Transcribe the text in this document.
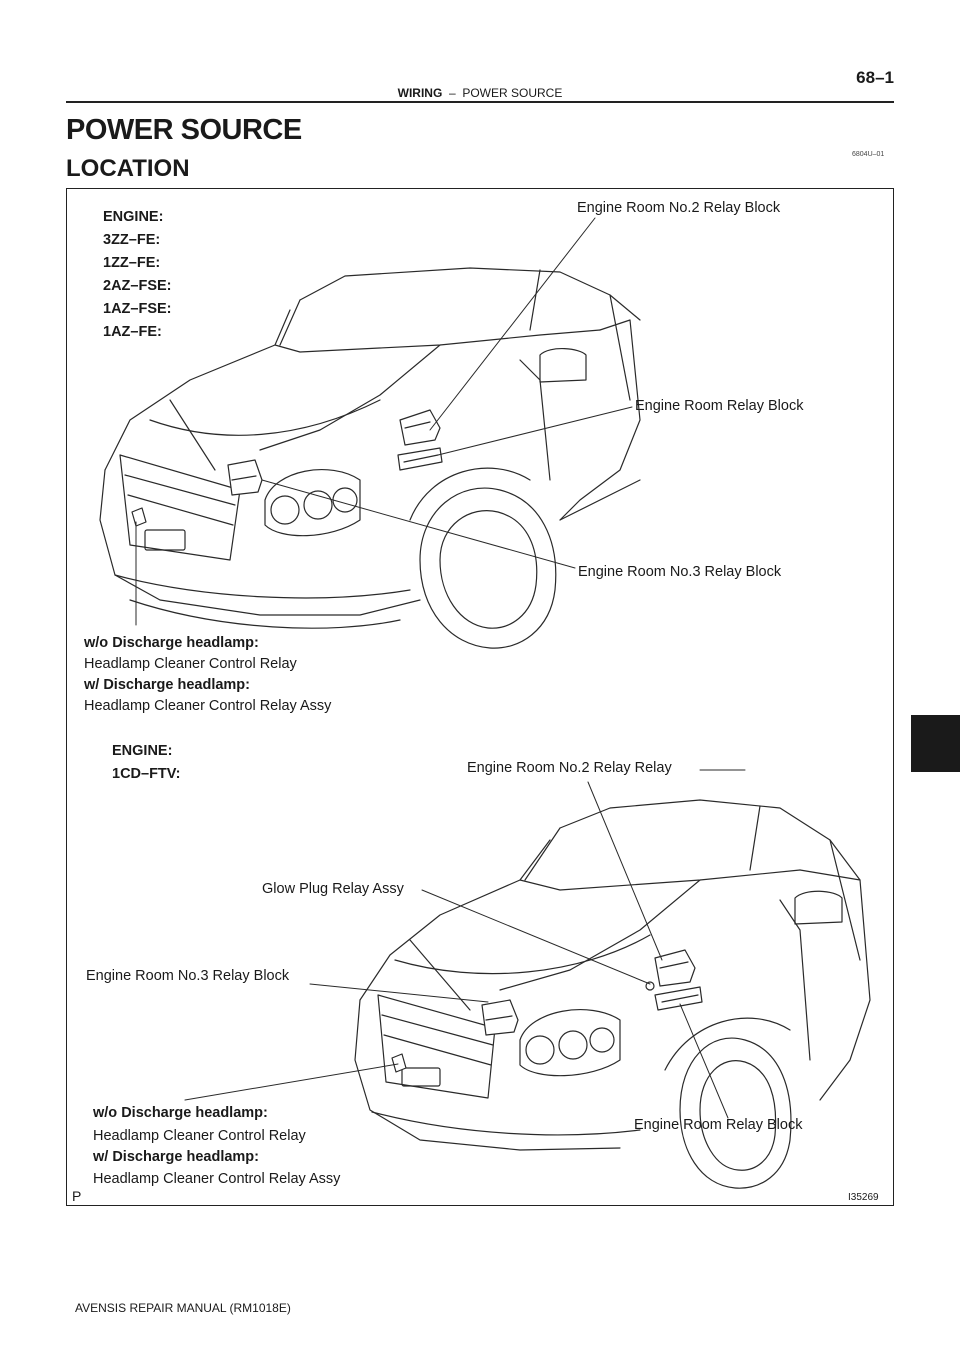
WIRING – POWER SOURCE
68–1
POWER SOURCE
LOCATION
6804U–01
ENGINE:
3ZZ–FE:
1ZZ–FE:
2AZ–FSE:
1AZ–FSE:
1AZ–FE:
Engine Room No.2 Relay Block
Engine Room Relay Block
Engine Room No.3 Relay Block
w/o Discharge headlamp:
Headlamp Cleaner Control Relay
w/ Discharge headlamp:
Headlamp Cleaner Control Relay Assy
ENGINE:
1CD–FTV:	Engine Room No.2 Relay Relay
Glow Plug Relay Assy
Engine Room No.3 Relay Block
w/o Discharge headlamp:
Headlamp Cleaner Control Relay
w/ Discharge headlamp:
Headlamp Cleaner Control Relay Assy
Engine Room Relay Block
P	I35269
AVENSIS REPAIR MANUAL (RM1018E)
